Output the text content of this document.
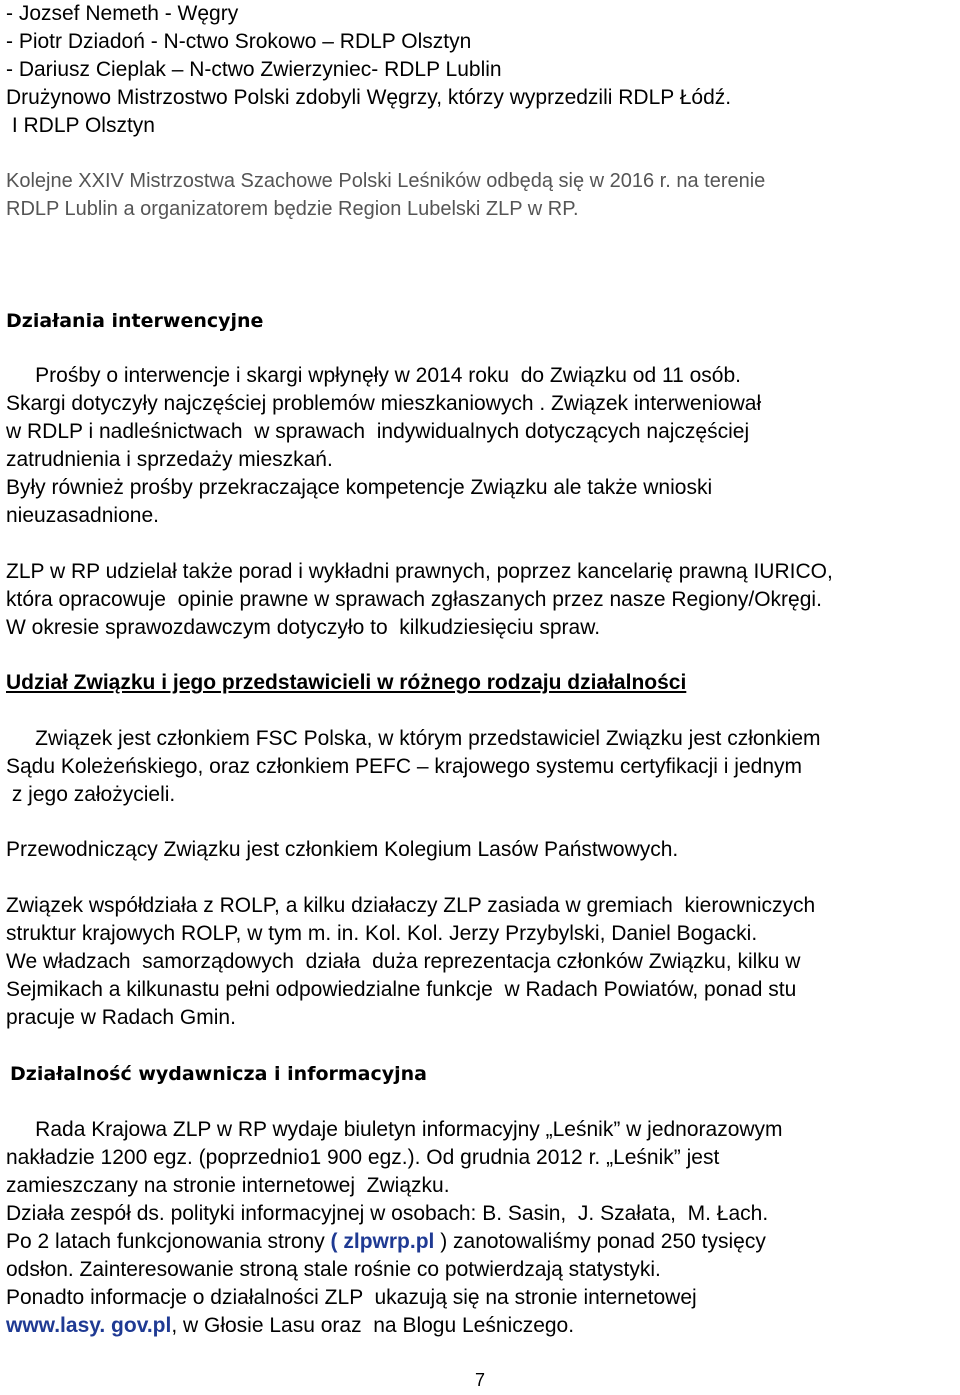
- Jozsef Nemeth - Węgry
- Piotr Dziadoń - N-ctwo Srokowo – RDLP Olsztyn
- Dariusz Cieplak – N-ctwo Zwierzyniec- RDLP Lublin
Drużynowo Mistrzostwo Polski zdobyli Węgrzy, którzy wyprzedzili RDLP Łódź.
I RDLP Olsztyn
Kolejne XXIV Mistrzostwa Szachowe Polski Leśników odbędą się w 2016 r. na terenie
RDLP Lublin a organizatorem będzie Region Lubelski ZLP w RP.
Działania interwencyjne
Prośby o interwencje i skargi wpłynęły w 2014 roku  do Związku od 11 osób.
Skargi dotyczyły najczęściej problemów mieszkaniowych . Związek interweniował
w RDLP i nadleśnictwach  w sprawach  indywidualnych dotyczących najczęściej
zatrudnienia i sprzedaży mieszkań.
Były również prośby przekraczające kompetencje Związku ale także wnioski
nieuzasadnione.
ZLP w RP udzielał także porad i wykładni prawnych, poprzez kancelarię prawną IURICO,
która opracowuje  opinie prawne w sprawach zgłaszanych przez nasze Regiony/Okręgi.
W okresie sprawozdawczym dotyczyło to  kilkudziesięciu spraw.
Udział Związku i jego przedstawicieli w różnego rodzaju działalności
Związek jest członkiem FSC Polska, w którym przedstawiciel Związku jest członkiem
Sądu Koleżeńskiego, oraz członkiem PEFC – krajowego systemu certyfikacji i jednym
z jego założycieli.
Przewodniczący Związku jest członkiem Kolegium Lasów Państwowych.
Związek współdziała z ROLP, a kilku działaczy ZLP zasiada w gremiach  kierowniczych
struktur krajowych ROLP, w tym m. in. Kol. Kol. Jerzy Przybylski, Daniel Bogacki.
We władzach  samorządowych  działa  duża reprezentacja członków Związku, kilku w
Sejmikach a kilkunastu pełni odpowiedzialne funkcje  w Radach Powiatów, ponad stu
pracuje w Radach Gmin.
Działalność wydawnicza i informacyjna
Rada Krajowa ZLP w RP wydaje biuletyn informacyjny „Leśnik” w jednorazowym
nakładzie 1200 egz. (poprzednio1 900 egz.). Od grudnia 2012 r. „Leśnik” jest
zamieszczany na stronie internetowej  Związku.
Działa zespół ds. polityki informacyjnej w osobach: B. Sasin,  J. Szałata,  M. Łach.
Po 2 latach funkcjonowania strony ( zlpwrp.pl ) zanotowaliśmy ponad 250 tysięcy
odsłon. Zainteresowanie stroną stale rośnie co potwierdzają statystyki.
Ponadto informacje o działalności ZLP  ukazują się na stronie internetowej
www.lasy. gov.pl, w Głosie Lasu oraz  na Blogu Leśniczego.
7
